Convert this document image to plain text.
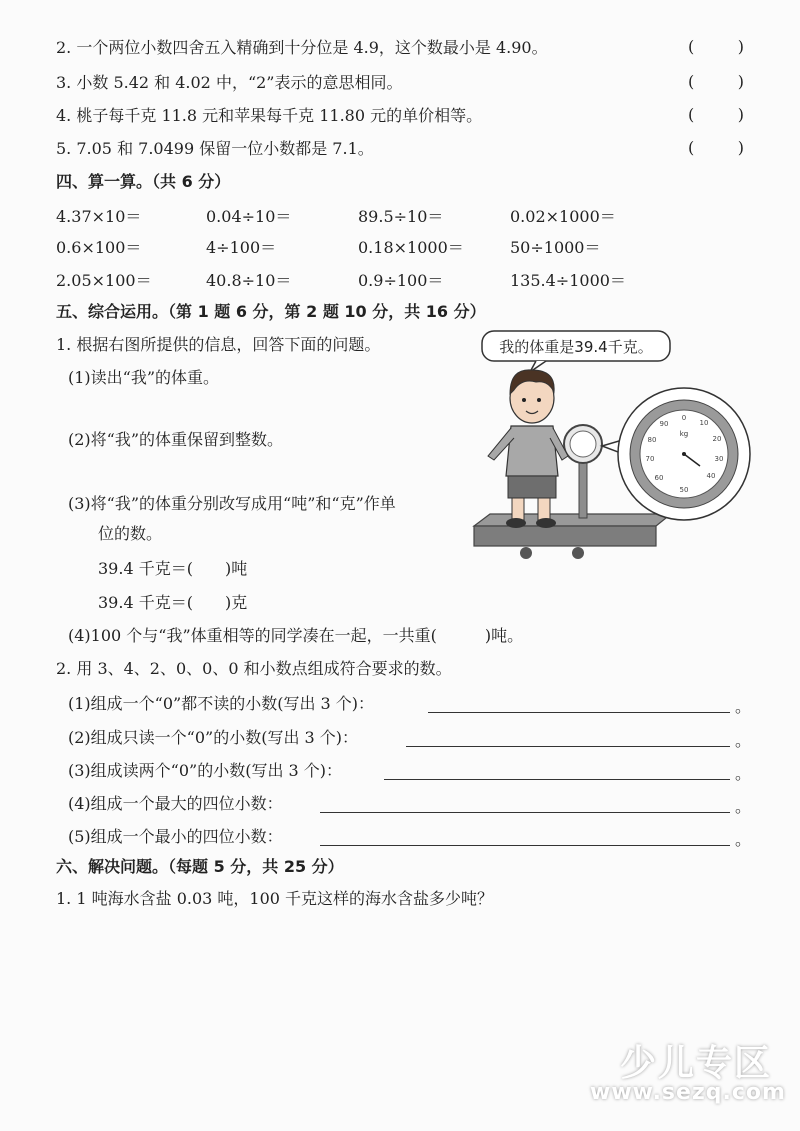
2. 一个两位小数四舍五入精确到十分位是 4.9，这个数最小是 4.90。	(	)
3. 小数 5.42 和 4.02 中，“2”表示的意思相同。	(	)
4. 桃子每千克 11.8 元和苹果每千克 11.80 元的单价相等。	(	)
5. 7.05 和 7.0499 保留一位小数都是 7.1。	(	)
四、算一算。（共 6 分）
4.37×10＝	0.04÷10＝	89.5÷10＝	0.02×1000＝
0.6×100＝	4÷100＝	0.18×1000＝	50÷1000＝
2.05×100＝	40.8÷10＝	0.9÷100＝	135.4÷1000＝
五、综合运用。（第 1 题 6 分，第 2 题 10 分，共 16 分）
1. 根据右图所提供的信息，回答下面的问题。
(1)读出“我”的体重。
(2)将“我”的体重保留到整数。
(3)将“我”的体重分别改写成用“吨”和“克”作单
位的数。
39.4 千克＝(　　)吨
39.4 千克＝(　　)克
(4)100 个与“我”体重相等的同学凑在一起，一共重(　　　)吨。
我的体重是39.4千克。
kg
0
10
20
30
40
50
60
70
80
90
2. 用 3、4、2、0、0、0 和小数点组成符合要求的数。
(1)组成一个“0”都不读的小数(写出 3 个)：	。
(2)组成只读一个“0”的小数(写出 3 个)：	。
(3)组成读两个“0”的小数(写出 3 个)：	。
(4)组成一个最大的四位小数：	。
(5)组成一个最小的四位小数：	。
六、解决问题。（每题 5 分，共 25 分）
1. 1 吨海水含盐 0.03 吨，100 千克这样的海水含盐多少吨？
少儿专区
www.sezq.com
